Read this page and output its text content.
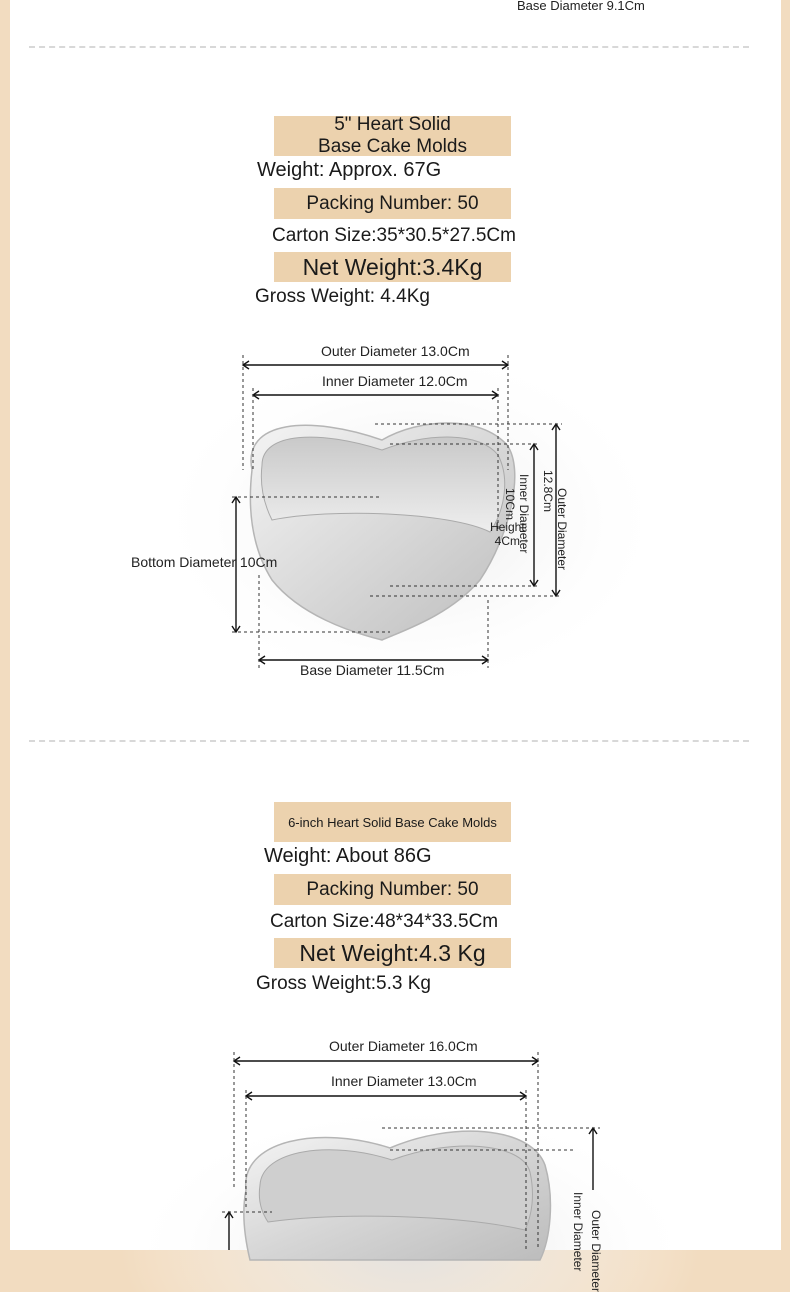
Base Diameter 9.1Cm
5" Heart Solid
Base Cake Molds
Weight: Approx. 67G
Packing Number: 50
Carton Size:35*30.5*27.5Cm
Net Weight:3.4Kg
Gross Weight: 4.4Kg
Outer Diameter 13.0Cm
Inner Diameter 12.0Cm
Bottom Diameter 10Cm
Base Diameter 11.5Cm
Height
4Cm	Outer Diameter
12.8Cm
Inner Diameter
10Cm
6-inch Heart Solid Base Cake Molds
Weight: About 86G
Packing Number: 50
Carton Size:48*34*33.5Cm
Net Weight:4.3 Kg
Gross Weight:5.3 Kg
Outer Diameter 16.0Cm
Inner Diameter 13.0Cm
Outer Diameter
Inner Diameter
